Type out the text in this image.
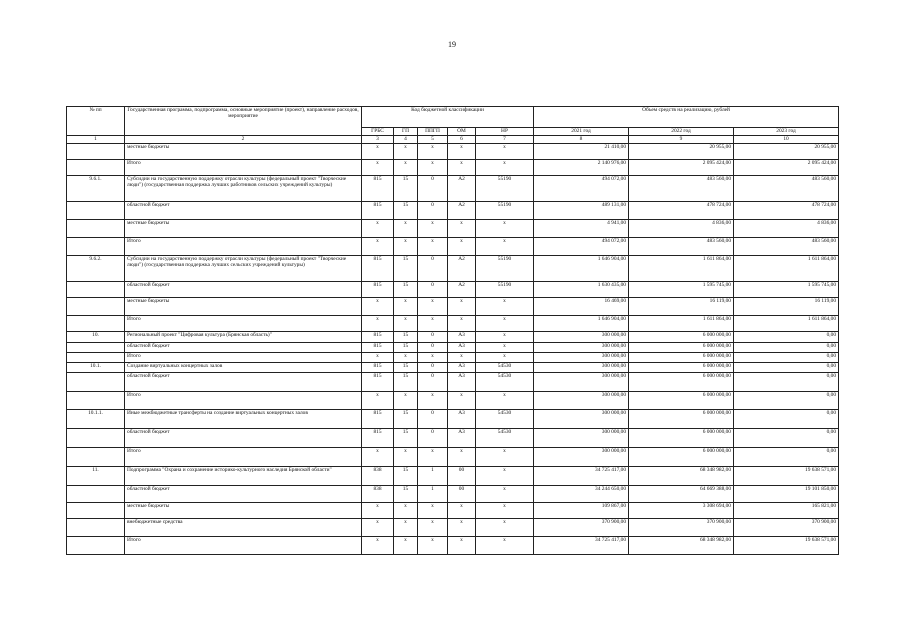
19
№ пп	Государственная программа, подпрограмма, основные мероприятие (проект), направление расходов, мероприятие	Код бюджетной классификации					Объем средств на реализацию, рублей		
		ГРБС	ГП	ППГП	ОМ	НР	2021 год	2022 год	2023 год
1	2	3	4	5	6	7	8	9	10
	местные бюджеты	х	х	х	х	х	21 410,00	20 955,00	20 955,00
	Итого	х	х	х	х	х	2 140 976,00	2 095 424,00	2 095 424,00
9.6.1.	Субсидии на государственную поддержку отрасли культуры (федеральный проект "Творческие люди") (государственная поддержка лучших работников сельских учреждений культуры)	815	15	0	А2	55190	494 072,00	483 560,00	483 560,00
	областной бюджет	815	15	0	А2	55190	489 131,00	478 724,00	478 724,00
	местные бюджеты	х	х	х	х	х	4 941,00	4 836,00	4 836,00
	Итого	х	х	х	х	х	494 072,00	483 560,00	483 560,00
9.6.2.	Субсидии на государственную поддержку отрасли культуры (федеральный проект "Творческие люди") (государственная поддержка лучших сельских учреждений культуры)	815	15	0	А2	55190	1 646 904,00	1 611 864,00	1 611 864,00
	областной бюджет	815	15	0	А2	55190	1 630 435,00	1 595 745,00	1 595 745,00
	местные бюджеты	х	х	х	х	х	16 469,00	16 119,00	16 119,00
	Итого	х	х	х	х	х	1 646 904,00	1 611 864,00	1 611 864,00
10.	Региональный проект "Цифровая культура (Брянская область)"	815	15	0	А3	х	300 000,00	6 000 000,00	0,00
	областной бюджет	815	15	0	А3	х	300 000,00	6 000 000,00	0,00
	Итого	х	х	х	х	х	300 000,00	6 000 000,00	0,00
10.1.	Создание виртуальных концертных залов	815	15	0	А3	54530	300 000,00	6 000 000,00	0,00
	областной бюджет	815	15	0	А3	54530	300 000,00	6 000 000,00	0,00
	Итого	х	х	х	х	х	300 000,00	6 000 000,00	0,00
10.1.1.	Иные межбюджетные трансферты на создание виртуальных концертных залов	815	15	0	А3	54530	300 000,00	6 000 000,00	0,00
	областной бюджет	815	15	0	А3	54530	300 000,00	6 000 000,00	0,00
	Итого	х	х	х	х	х	300 000,00	6 000 000,00	0,00
11.	Подпрограмма "Охрана и сохранение историко-культурного наследия Брянской области"	838	15	1	00	х	34 725 417,00	68 348 982,00	19 638 571,00
	областной бюджет	838	15	1	00	х	34 244 650,00	64 669 388,00	19 101 850,00
	местные бюджеты	х	х	х	х	х	109 867,00	3 308 694,00	165 821,00
	внебюджетные средства	х	х	х	х	х	370 900,00	370 900,00	370 900,00
	Итого	х	х	х	х	х	34 725 417,00	68 348 982,00	19 638 571,00
